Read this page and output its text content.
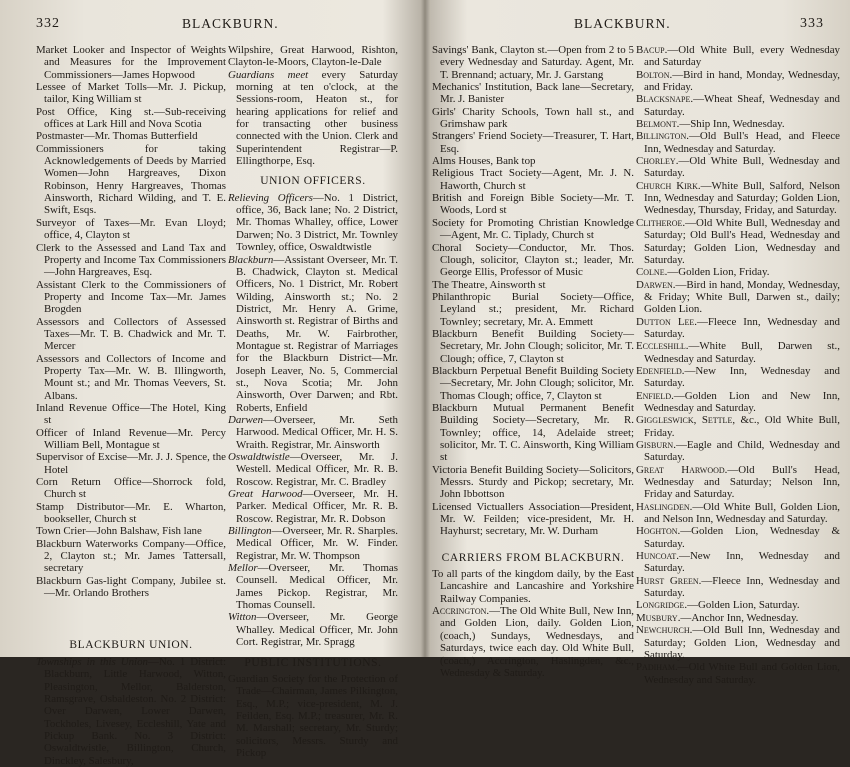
332	BLACKBURN.

Market Looker and Inspector of Weights and Measures for the Improvement Commissioners—James Hopwood

Lessee of Market Tolls—Mr. J. Pickup, tailor, King William st

Post Office, King st.—Sub-receiving offices at Lark Hill and Nova Scotia

Postmaster—Mr. Thomas Butterfield

Commissioners for taking Acknowledgements of Deeds by Married Women—John Hargreaves, Dixon Robinson, Henry Hargreaves, Thomas Ainsworth, Richard Wilding, and T. E. Swift, Esqs.

Surveyor of Taxes—Mr. Evan Lloyd; office, 4, Clayton st

Clerk to the Assessed and Land Tax and Property and Income Tax Commissioners—John Hargreaves, Esq.

Assistant Clerk to the Commissioners of Property and Income Tax—Mr. James Brogden

Assessors and Collectors of Assessed Taxes—Mr. T. B. Chadwick and Mr. T. Mercer

Assessors and Collectors of Income and Property Tax—Mr. W. B. Illingworth, Mount st.; and Mr. Thomas Veevers, St. Albans.

Inland Revenue Office—The Hotel, King st

Officer of Inland Revenue—Mr. Percy William Bell, Montague st

Supervisor of Excise—Mr. J. J. Spence, the Hotel

Corn Return Office—Shorrock fold, Church st

Stamp Distributor—Mr. E. Wharton, bookseller, Church st

Town Crier—John Balshaw, Fish lane

Blackburn Waterworks Company—Office, 2, Clayton st.; Mr. James Tattersall, secretary

Blackburn Gas-light Company, Jubilee st.—Mr. Orlando Brothers

BLACKBURN UNION.

Townships in this Union—No. 1 District: Blackburn, Little Harwood, Witton, Pleasington, Mellor, Balderston, Ramsgrave, Osbaldeston. No. 2 District: Over Darwen, Lower Darwen, Tockholes, Livesey, Eccleshill, Yate and Pickup Bank. No. 3 District: Oswaldtwistle, Billington, Church, Dinckley, Salesbury,

Wilpshire, Great Harwood, Rishton, Clayton-le-Moors, Clayton-le-Dale

Guardians meet every Saturday morning at ten o'clock, at the Sessions-room, Heaton st., for hearing applications for relief and for transacting other business connected with the Union. Clerk and Superintendent Registrar—P. Ellingthorpe, Esq.

UNION OFFICERS.

Relieving Officers—No. 1 District, office, 36, Back lane; No. 2 District, Mr. Thomas Whalley, office, Lower Darwen; No. 3 District, Mr. Townley Townley, office, Oswaldtwistle

Blackburn—Assistant Overseer, Mr. T. B. Chadwick, Clayton st. Medical Officers, No. 1 District, Mr. Robert Wilding, Ainsworth st.; No. 2 District, Mr. Henry A. Grime, Ainsworth st. Registrar of Births and Deaths, Mr. W. Fairbrother, Montague st. Registrar of Marriages for the Blackburn District—Mr. Joseph Leaver, No. 5, Commercial st., Nova Scotia; Mr. John Ainsworth, Over Darwen; and Rbt. Roberts, Enfield

Darwen—Overseer, Mr. Seth Harwood. Medical Officer, Mr. H. S. Wraith. Registrar, Mr. Ainsworth

Oswaldtwistle—Overseer, Mr. J. Westell. Medical Officer, Mr. R. B. Roscow. Registrar, Mr. C. Bradley

Great Harwood—Overseer, Mr. H. Parker. Medical Officer, Mr. R. B. Roscow. Registrar, Mr. R. Dobson

Billington—Overseer, Mr. R. Sharples. Medical Officer, Mr. W. Finder. Registrar, Mr. W. Thompson

Mellor—Overseer, Mr. Thomas Counsell. Medical Officer, Mr. James Pickop. Registrar, Mr. Thomas Counsell.

Witton—Overseer, Mr. George Whalley. Medical Officer, Mr. John Cort. Registrar, Mr. Spragg

PUBLIC INSTITUTIONS.

Guardian Society for the Protection of Trade—Chairman, James Pilkington, Esq., M.P.; vice-president, M. J. Feilden, Esq. M.P.; treasurer, Mr. R. M. Marshall; secretary, Mr. Sturdy; solicitors, Messrs. Sturdy and Pickop

BLACKBURN.	333

Savings' Bank, Clayton st.—Open from 2 to 5 every Wednesday and Saturday. Agent, Mr. T. Brennand; actuary, Mr. J. Garstang

Mechanics' Institution, Back lane—Secretary, Mr. J. Banister

Girls' Charity Schools, Town hall st., and Grimshaw park

Strangers' Friend Society—Treasurer, T. Hart, Esq.

Alms Houses, Bank top

Religious Tract Society—Agent, Mr. J. N. Haworth, Church st

British and Foreign Bible Society—Mr. T. Woods, Lord st

Society for Promoting Christian Knowledge—Agent, Mr. C. Tiplady, Church st

Choral Society—Conductor, Mr. Thos. Clough, solicitor, Clayton st.; leader, Mr. George Ellis, Professor of Music

The Theatre, Ainsworth st

Philanthropic Burial Society—Office, Leyland st.; president, Mr. Richard Townley; secretary, Mr. A. Emmett

Blackburn Benefit Building Society—Secretary, Mr. John Clough; solicitor, Mr. T. Clough; office, 7, Clayton st

Blackburn Perpetual Benefit Building Society—Secretary, Mr. John Clough; solicitor, Mr. Thomas Clough; office, 7, Clayton st

Blackburn Mutual Permanent Benefit Building Society—Secretary, Mr. R. Townley; office, 14, Adelaide street; solicitor, Mr. T. C. Ainsworth, King William st

Victoria Benefit Building Society—Solicitors, Messrs. Sturdy and Pickop; secretary, Mr. John Ibbottson

Licensed Victuallers Association—President, Mr. W. Feilden; vice-president, Mr. H. Hayhurst; secretary, Mr. W. Durham

CARRIERS FROM BLACKBURN.

To all parts of the kingdom daily, by the East Lancashire and Lancashire and Yorkshire Railway Companies.

Accrington.—The Old White Bull, New Inn, and Golden Lion, daily. Golden Lion, (coach,) Sundays, Wednesdays, and Saturdays, twice each day. Old White Bull, (coach,) Accrington, Haslingden, &c., Wednesday & Saturday.

Bacup.—Old White Bull, every Wednesday and Saturday

Bolton.—Bird in hand, Monday, Wednesday, and Friday.

Blacksnape.—Wheat Sheaf, Wednesday and Saturday.

Belmont.—Ship Inn, Wednesday.

Billington.—Old Bull's Head, and Fleece Inn, Wednesday and Saturday.

Chorley.—Old White Bull, Wednesday and Saturday.

Church Kirk.—White Bull, Salford, Nelson Inn, Wednesday and Saturday; Golden Lion, Wednesday, Thursday, Friday, and Saturday.

Clitheroe.—Old White Bull, Wednesday and Saturday; Old Bull's Head, Wednesday and Saturday; Golden Lion, Wednesday and Saturday.

Colne.—Golden Lion, Friday.

Darwen.—Bird in hand, Monday, Wednesday, & Friday; White Bull, Darwen st., daily; Golden Lion.

Dutton Lee.—Fleece Inn, Wednesday and Saturday.

Eccleshill.—White Bull, Darwen st., Wednesday and Saturday.

Edenfield.—New Inn, Wednesday and Saturday.

Enfield.—Golden Lion and New Inn, Wednesday and Saturday.

Giggleswick, Settle, &c., Old White Bull, Friday.

Gisburn.—Eagle and Child, Wednesday and Saturday.

Great Harwood.—Old Bull's Head, Wednesday and Saturday; Nelson Inn, Friday and Saturday.

Haslingden.—Old White Bull, Golden Lion, and Nelson Inn, Wednesday and Saturday.

Hoghton.—Golden Lion, Wednesday & Saturday.

Huncoat.—New Inn, Wednesday and Saturday.

Hurst Green.—Fleece Inn, Wednesday and Saturday.

Longridge.—Golden Lion, Saturday.

Musbury.—Anchor Inn, Wednesday.

Newchurch.—Old Bull Inn, Wednesday and Saturday; Golden Lion, Wednesday and Saturday.

Padiham.—Old White Bull and Golden Lion, Wednesday and Saturday.
